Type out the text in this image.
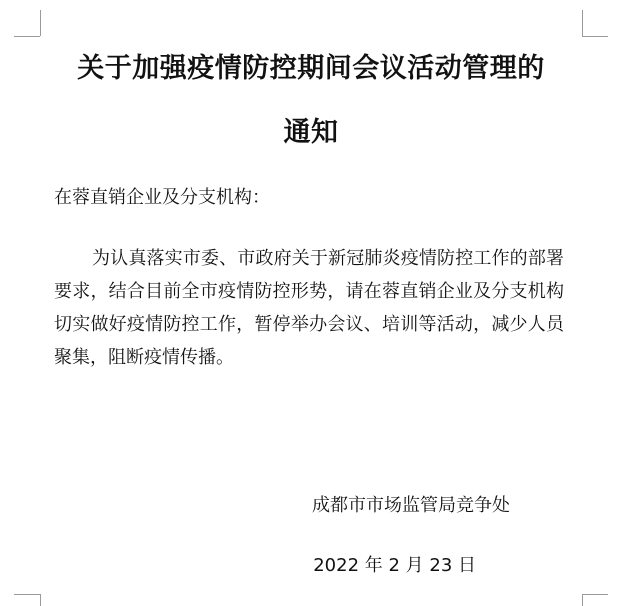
关于加强疫情防控期间会议活动管理的
通知
在蓉直销企业及分支机构：

为认真落实市委、市政府关于新冠肺炎疫情防控工作的部署要求，结合目前全市疫情防控形势，请在蓉直销企业及分支机构切实做好疫情防控工作，暂停举办会议、培训等活动，减少人员聚集，阻断疫情传播。

成都市市场监管局竞争处
2022 年 2 月 23 日
